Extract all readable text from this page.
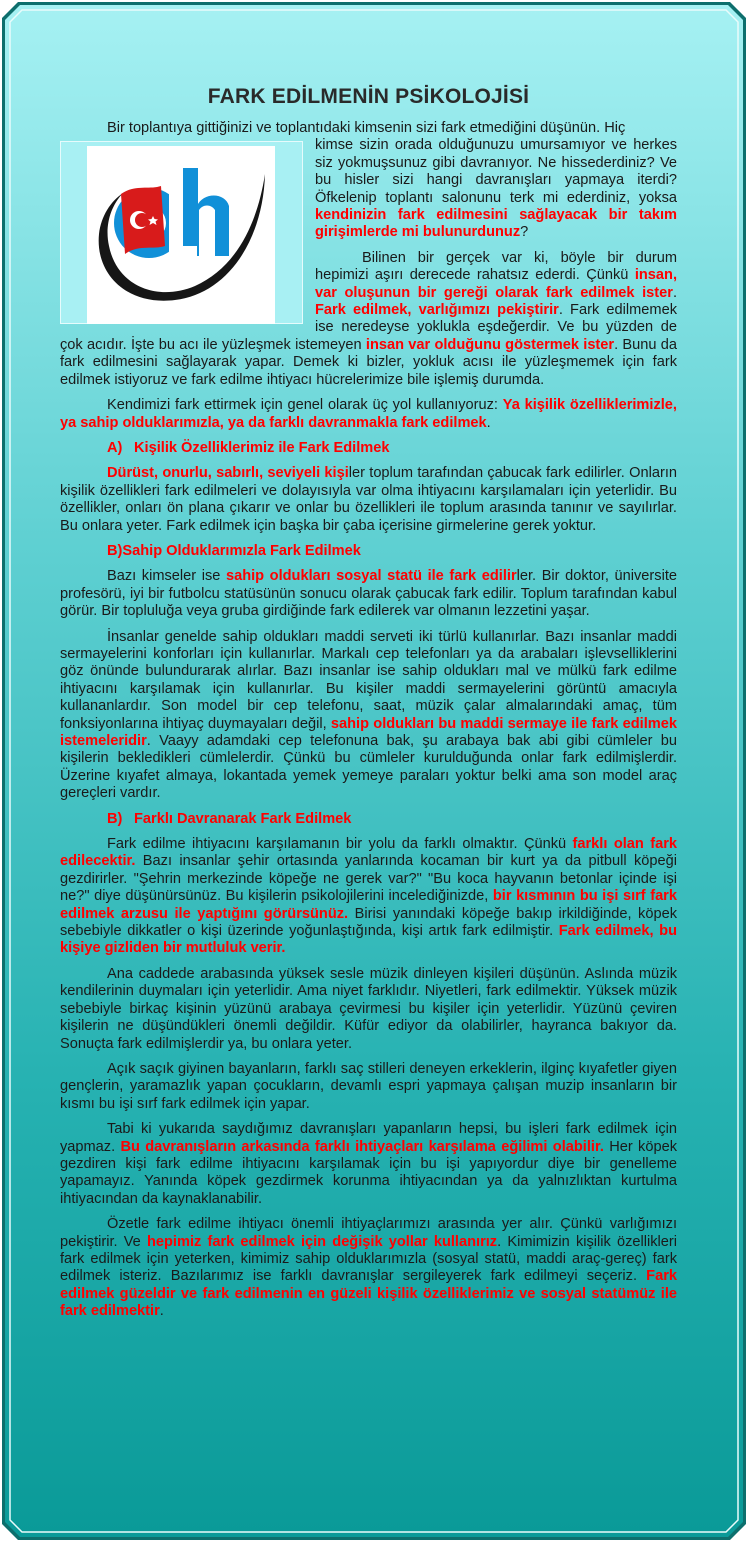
FARK EDİLMENİN PSİKOLOJİSİ

Bir toplantıya gittiğinizi ve toplantıdaki kimsenin sizi fark etmediğini düşünün. Hiç

kimse sizin orada olduğunuzu umursamıyor ve herkes siz yokmuşsunuz gibi davranıyor. Ne hissederdiniz? Ve bu hisler sizi hangi davranışları yapmaya iterdi? Öfkelenip toplantı salonunu terk mi ederdiniz, yoksa kendinizin fark edilmesini sağlayacak bir takım girişimlerde mi bulunurdunuz?

Bilinen bir gerçek var ki, böyle bir durum hepimizi aşırı derecede rahatsız ederdi. Çünkü insan, var oluşunun bir gereği olarak fark edilmek ister. Fark edilmek, varlığımızı pekiştirir. Fark edilmemek ise neredeyse yoklukla eşdeğerdir. Ve bu yüzden de çok acıdır. İşte bu acı ile yüzleşmek istemeyen insan var olduğunu göstermek ister. Bunu da fark edilmesini sağlayarak yapar. Demek ki bizler, yokluk acısı ile yüzleşmemek için fark edilmek istiyoruz ve fark edilme ihtiyacı hücrelerimize bile işlemiş durumda.

Kendimizi fark ettirmek için genel olarak üç yol kullanıyoruz: Ya kişilik özelliklerimizle, ya sahip olduklarımızla, ya da farklı davranmakla fark edilmek.

A) Kişilik Özelliklerimiz ile Fark Edilmek

Dürüst, onurlu, sabırlı, seviyeli kişiler toplum tarafından çabucak fark edilirler. Onların kişilik özellikleri fark edilmeleri ve dolayısıyla var olma ihtiyacını karşılamaları için yeterlidir. Bu özellikler, onları ön plana çıkarır ve onlar bu özellikleri ile toplum arasında tanınır ve sayılırlar. Bu onlara yeter. Fark edilmek için başka bir çaba içerisine girmelerine gerek yoktur.

B)Sahip Olduklarımızla Fark Edilmek

Bazı kimseler ise sahip oldukları sosyal statü ile fark edilirler. Bir doktor, üniversite profesörü, iyi bir futbolcu statüsünün sonucu olarak çabucak fark edilir. Toplum tarafından kabul görür. Bir topluluğa veya gruba girdiğinde fark edilerek var olmanın lezzetini yaşar.

İnsanlar genelde sahip oldukları maddi serveti iki türlü kullanırlar. Bazı insanlar maddi sermayelerini konforları için kullanırlar. Markalı cep telefonları ya da arabaları işlevselliklerini göz önünde bulundurarak alırlar. Bazı insanlar ise sahip oldukları mal ve mülkü fark edilme ihtiyacını karşılamak için kullanırlar. Bu kişiler maddi sermayelerini görüntü amacıyla kullananlardır. Son model bir cep telefonu, saat, müzik çalar almalarındaki amaç, tüm fonksiyonlarına ihtiyaç duymayaları değil, sahip oldukları bu maddi sermaye ile fark edilmek istemeleridir. Vaayy adamdaki cep telefonuna bak, şu arabaya bak abi gibi cümleler bu kişilerin bekledikleri cümlelerdir. Çünkü bu cümleler kurulduğunda onlar fark edilmişlerdir. Üzerine kıyafet almaya, lokantada yemek yemeye paraları yoktur belki ama son model araç gereçleri vardır.

B) Farklı Davranarak Fark Edilmek

Fark edilme ihtiyacını karşılamanın bir yolu da farklı olmaktır. Çünkü farklı olan fark edilecektir. Bazı insanlar şehir ortasında yanlarında kocaman bir kurt ya da pitbull köpeği gezdirirler. "Şehrin merkezinde köpeğe ne gerek var?" "Bu koca hayvanın betonlar içinde işi ne?" diye düşünürsünüz. Bu kişilerin psikolojilerini incelediğinizde, bir kısmının bu işi sırf fark edilmek arzusu ile yaptığını görürsünüz. Birisi yanındaki köpeğe bakıp irkildiğinde, köpek sebebiyle dikkatler o kişi üzerinde yoğunlaştığında, kişi artık fark edilmiştir. Fark edilmek, bu kişiye gizliden bir mutluluk verir.

Ana caddede arabasında yüksek sesle müzik dinleyen kişileri düşünün. Aslında müzik kendilerinin duymaları için yeterlidir. Ama niyet farklıdır. Niyetleri, fark edilmektir. Yüksek müzik sebebiyle birkaç kişinin yüzünü arabaya çevirmesi bu kişiler için yeterlidir. Yüzünü çeviren kişilerin ne düşündükleri önemli değildir. Küfür ediyor da olabilirler, hayranca bakıyor da. Sonuçta fark edilmişlerdir ya, bu onlara yeter.

Açık saçık giyinen bayanların, farklı saç stilleri deneyen erkeklerin, ilginç kıyafetler giyen gençlerin, yaramazlık yapan çocukların, devamlı espri yapmaya çalışan muzip insanların bir kısmı bu işi sırf fark edilmek için yapar.

Tabi ki yukarıda saydığımız davranışları yapanların hepsi, bu işleri fark edilmek için yapmaz. Bu davranışların arkasında farklı ihtiyaçları karşılama eğilimi olabilir. Her köpek gezdiren kişi fark edilme ihtiyacını karşılamak için bu işi yapıyordur diye bir genelleme yapamayız. Yanında köpek gezdirmek korunma ihtiyacından ya da yalnızlıktan kurtulma ihtiyacından da kaynaklanabilir.

Özetle fark edilme ihtiyacı önemli ihtiyaçlarımızı arasında yer alır. Çünkü varlığımızı pekiştirir. Ve hepimiz fark edilmek için değişik yollar kullanırız. Kimimizin kişilik özellikleri fark edilmek için yeterken, kimimiz sahip olduklarımızla (sosyal statü, maddi araç-gereç) fark edilmek isteriz. Bazılarımız ise farklı davranışlar sergileyerek fark edilmeyi seçeriz. Fark edilmek güzeldir ve fark edilmenin en güzeli kişilik özelliklerimiz ve sosyal statümüz ile fark edilmektir.
